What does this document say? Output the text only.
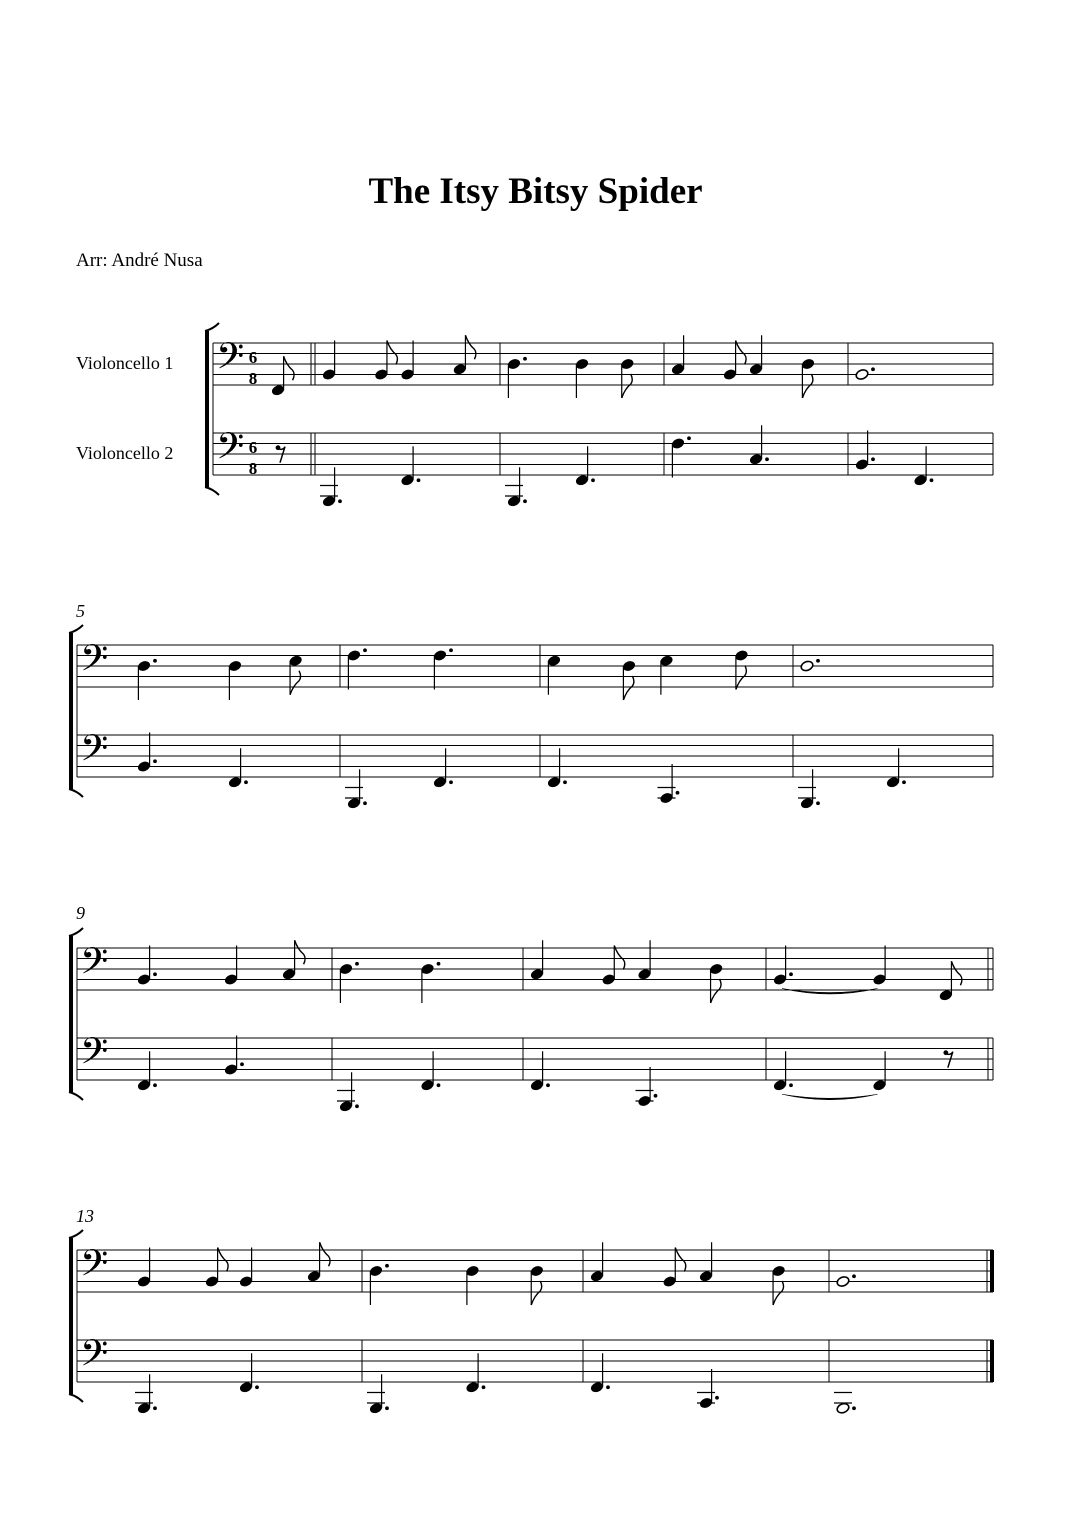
The Itsy Bitsy Spider
Arr: André Nusa
Violoncello 1
Violoncello 2
𝄢 6
8
𝄢 6
8
5
𝄢
𝄢
9
𝄢
𝄢
13
𝄢
𝄢
